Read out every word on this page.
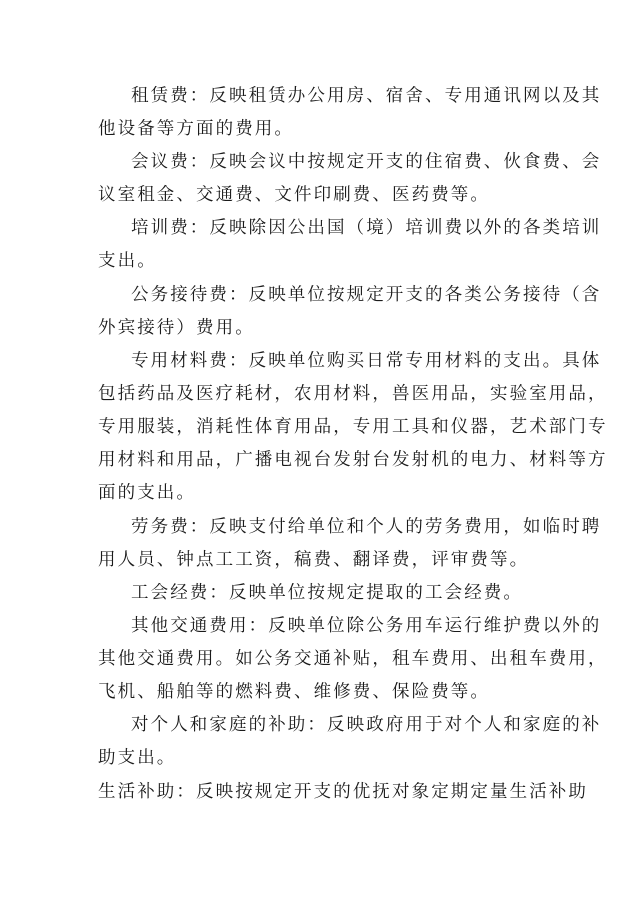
租赁费：反映租赁办公用房、宿舍、专用通讯网以及其
他设备等方面的费用。
会议费：反映会议中按规定开支的住宿费、伙食费、会
议室租金、交通费、文件印刷费、医药费等。
培训费：反映除因公出国（境）培训费以外的各类培训
支出。
公务接待费：反映单位按规定开支的各类公务接待（含
外宾接待）费用。
专用材料费：反映单位购买日常专用材料的支出。具体
包括药品及医疗耗材，农用材料，兽医用品，实验室用品，
专用服装，消耗性体育用品，专用工具和仪器，艺术部门专
用材料和用品，广播电视台发射台发射机的电力、材料等方
面的支出。
劳务费：反映支付给单位和个人的劳务费用，如临时聘
用人员、钟点工工资，稿费、翻译费，评审费等。
工会经费：反映单位按规定提取的工会经费。
其他交通费用：反映单位除公务用车运行维护费以外的
其他交通费用。如公务交通补贴，租车费用、出租车费用，
飞机、船舶等的燃料费、维修费、保险费等。
对个人和家庭的补助：反映政府用于对个人和家庭的补
助支出。
生活补助：反映按规定开支的优抚对象定期定量生活补助
